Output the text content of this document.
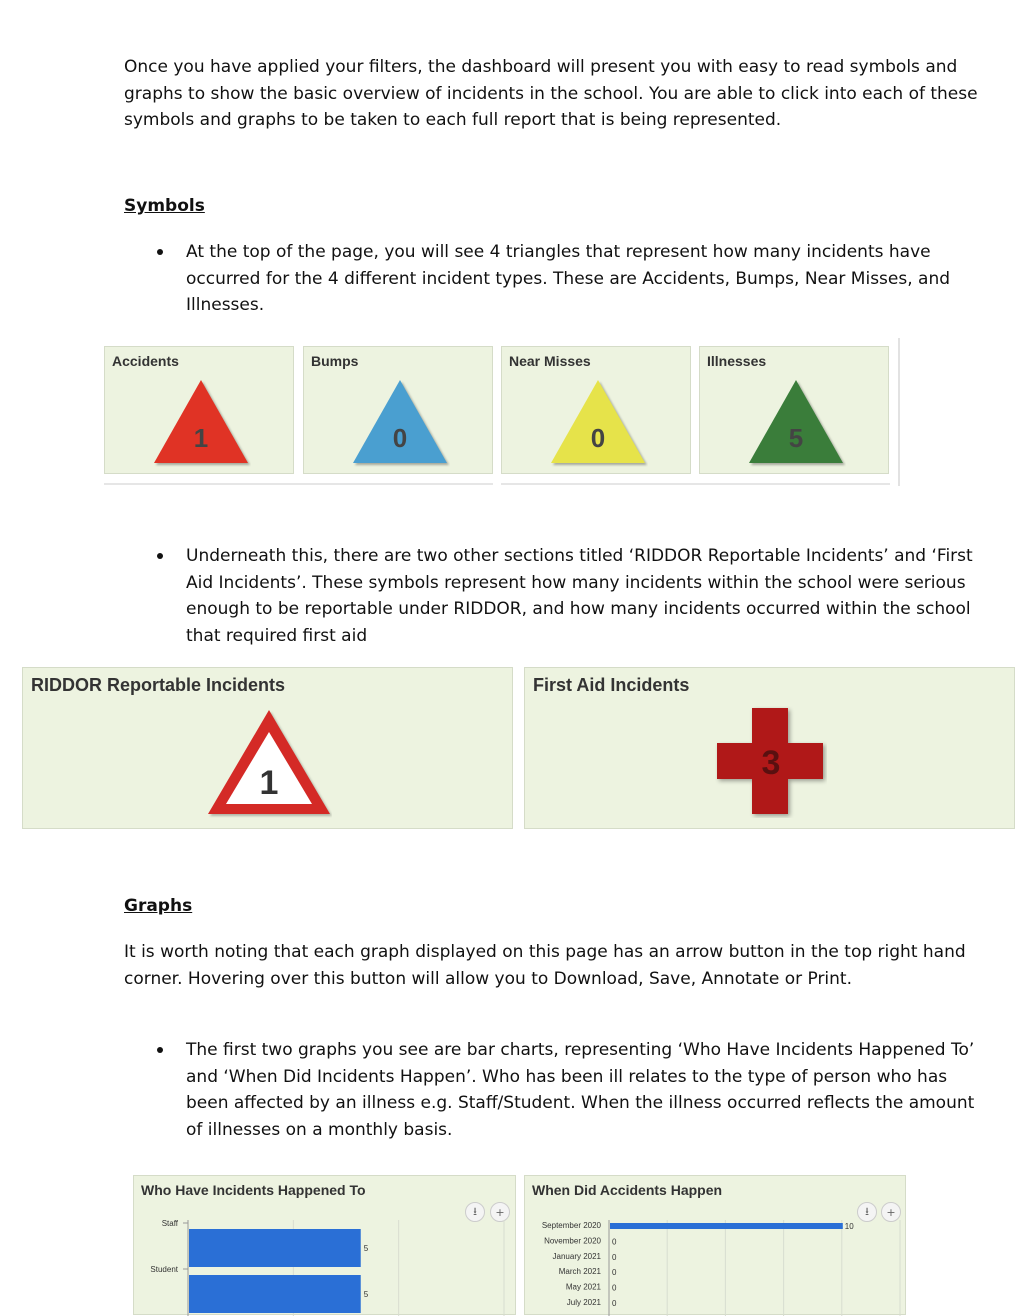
Once you have applied your filters, the dashboard will present you with easy to read symbols and
graphs to show the basic overview of incidents in the school. You are able to click into each of these
symbols and graphs to be taken to each full report that is being represented.
Symbols
At the top of the page, you will see 4 triangles that represent how many incidents have
occurred for the 4 different incident types. These are Accidents, Bumps, Near Misses, and
Illnesses.
Accidents
1
Bumps
0
Near Misses
0
Illnesses
5
Underneath this, there are two other sections titled ‘RIDDOR Reportable Incidents’ and ‘First
Aid Incidents’. These symbols represent how many incidents within the school were serious
enough to be reportable under RIDDOR, and how many incidents occurred within the school
that required first aid
RIDDOR Reportable Incidents
1
First Aid Incidents
3
Graphs
It is worth noting that each graph displayed on this page has an arrow button in the top right hand
corner. Hovering over this button will allow you to Download, Save, Annotate or Print.
The first two graphs you see are bar charts, representing ‘Who Have Incidents Happened To’
and ‘When Did Incidents Happen’. Who has been ill relates to the type of person who has
been affected by an illness e.g. Staff/Student. When the illness occurred reflects the amount
of illnesses on a monthly basis.
Who Have Incidents Happened To
⭳	+
Staff
5
Student
5
When Did Accidents Happen
⭳	+
September 2020	10
November 2020 0
January 2021 0
March 2021 0
May 2021 0
July 2021 0
